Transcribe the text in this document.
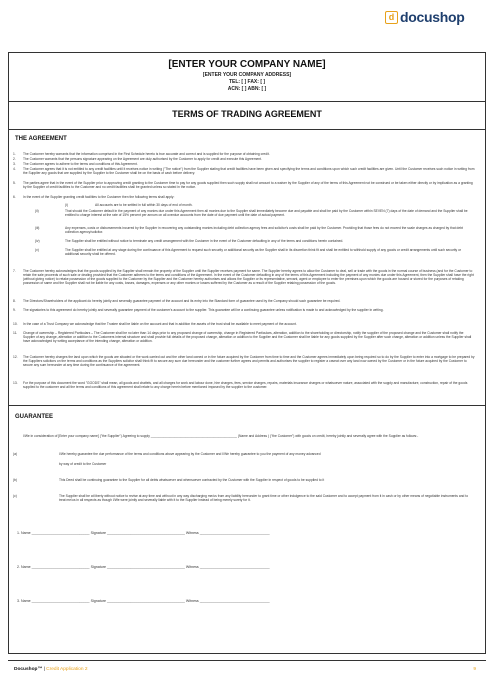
d docushop
[ENTER YOUR COMPANY NAME]
[ENTER YOUR COMPANY ADDRESS]
TEL: [ ] FAX: [ ]
ACN: [ ] ABN: [ ]
TERMS OF TRADING AGREEMENT
THE AGREEMENT
1. The Customer hereby warrants that the information comprised in the First Schedule hereto is true accurate and correct and is supplied for the purpose of obtaining credit.
2. The Customer warrants that the persons signature appearing on the Agreement are duly authorised by the Customer to apply for credit and execute this Agreement.
3. The Customer agrees to adhere to the terms and conditions of this Agreement.
4. The Customer agrees that it is not entitled to any credit facilities until it receives notice in writing ("The notice") from the Supplier stating that credit facilities have been given and specifying the terms and conditions upon which such credit facilities are given. Until the Customer receives such notice in writing from the Supplier any goods that are supplied by the Supplier to the Customer shall be on the basis of cash before delivery.
5. The parties agree that in the event of the Supplier prior to approving credit granting to the Customer time to pay for any goods supplied then such supply shall not amount to a waiver by the Supplier of any of the terms of this Agreement not be construed or be taken either directly or by implication as a granting by the Supplier of credit facilities to the Customer and no credit facilities shall be granted unless so stated in the notice.
6. In the event of the Supplier granting credit facilities to the Customer then the following terms shall apply:
(i)	All accounts are to be settled in full within 30 days of end of month.
(ii)	That should the Customer default in the payment of any monies due under this Agreement then all monies due to the Supplier shall immediately become due and payable and shall be paid by the Customer within SEVEN (7) days of the date of demand and the Supplier shall be entitled to charge interest at the rate of 15% percent per annum on all overdue accounts from the date of due payment until the date of actual payment.
(iii)	Any expenses, costs or disbursements incurred by the Supplier in recovering any outstanding monies including debt collection agency fees and solicitor's costs shall be paid by the Customer. Providing that those fees do not exceed the scale charges as charged by that debt collection agency/solicitor.
(iv)	The Supplier shall be entitled without notice to terminate any credit arrangement with the Customer in the event of the Customer defaulting in any of the terms and conditions herein contained.
(v)	The Supplier shall be entitled at any stage during the continuance of this Agreement to request such security or additional security as the Supplier shall in its discretion think fit and shall be entitled to withhold supply of any goods or credit arrangements until such security or additional security shall be offered.
7. The Customer hereby acknowledges that the goods supplied by the Supplier shall remain the property of the Supplier until the Supplier receives payment for same. The Supplier hereby agrees to allow the Customer to deal, sell or trade with the goods in the normal course of business (and for the Customer to retain the sale proceeds of such sale or dealing provided that the Customer adheres to the terms and conditions of the Agreement. In the event of the Customer defaulting in any of the terms of this Agreement including the payment of any monies due under this Agreement, then the Supplier shall have the right (without giving notice) to retake possession of the goods supplied to the Customer by the Supplier and the Customer hereby authorises and allows the Supplier or its representative, servant, agent or employee to enter the premises upon which the goods are housed or stored for the purposes of retaking possession of same and the Supplier shall not be liable for any costs, losses, damages, expenses or any other monies or losses suffered by the Customer as a result of the Supplier retaking possession of the goods.
8. The Directors/Shareholders of the applicant do hereby jointly and severally guarantee payment of the account and its entry into the Standard form of guarantee used by the Company should such guarantee be required.
9. The signatories to this agreement do hereby jointly and severally guarantee payment of the customer's account to the supplier. This guarantee will be a continuing guarantee unless notification is made to and acknowledged by the supplier in writing.
10. In the case of a Trust Company we acknowledge that the Trustee shall be liable on the account and that in addition the assets of the trust shall be available to meet payment of the account.
11. Change of ownership – Registered Particulars – The Customer shall be no later than 14 days prior to any proposed change of ownership, change in Registered Particulars, alteration, addition to the shareholding or directorship, notify the supplier of the proposed change and the Customer shall notify the Supplier of any change, alteration or addition to the Customers internal structure and shall provide full details of the proposed change, alteration or addition to the Supplier and the Customer shall be liable for any goods supplied by the Supplier after such change, alteration or addition unless the Supplier shall have acknowledged by writing acceptance of the intending change, alteration or addition.
12. The Customer hereby charges the land upon which the goods are situated or the work carried out and the other land owned or in the future acquired by the Customer from time to time and the Customer agrees immediately upon being required so to do by the Supplier to enter into a mortgage to be prepared by the Suppliers solicitors on the terms and conditions as the Suppliers solicitor shall think fit to secure any sum due hereunder and the customer further agrees and permits and authorises the supplier to register a caveat over any land now owned by the Customer or in the future acquired by the Customer to secure any sum hereunder at any time during the continuance of the agreement.
13. For the purpose of this document the word "GOODS" shall mean, all goods and chattels, and all charges for work and labour done, hire charges, fees, service charges, repairs, materials insurance charges or whatsoever nature, associated with the supply and manufacture, construction, repair of the goods supplied to the customer and all the terms and conditions of this agreement shall relate to any charge herein before mentioned imposed by the supplier to the customer.
GUARANTEE
I/We in consideration of [Enter your company name] ("the Supplier") Agreeing to supply _______________________________________________ (Name and Address ) ("the Customer") with goods on credit, hereby jointly and severally agree with the Supplier as follows:-
(a)	I/We hereby guarantee the due performance of the terms and conditions above appearing by the Customer and I/We hereby guarantee to you the payment of any money advanced
by way of credit to the Customer
(b)	This Deed shall be continuing guarantee to the Supplier for all debts whatsoever and whensoever contracted by the Customer with the Supplier in respect of goods to be supplied to it
(c)	The Supplier shall be at liberty without notice to revise at any time and without in any way discharging me/us from any liability hereunder to grant time or other indulgence to the said Customer and to accept payment from it in cash or by other means of negotiable instruments and to treat me/us in all respects as though I/We were jointly and severally liable with it to the Supplier instead of being merely surety for it.
1. Name _____________________________ Signature _______________________________________ Witness ___________________________________
2. Name _____________________________ Signature _______________________________________ Witness ___________________________________
3. Name _____________________________ Signature _______________________________________ Witness ___________________________________
Docushop™ | Credit Application 2	9
